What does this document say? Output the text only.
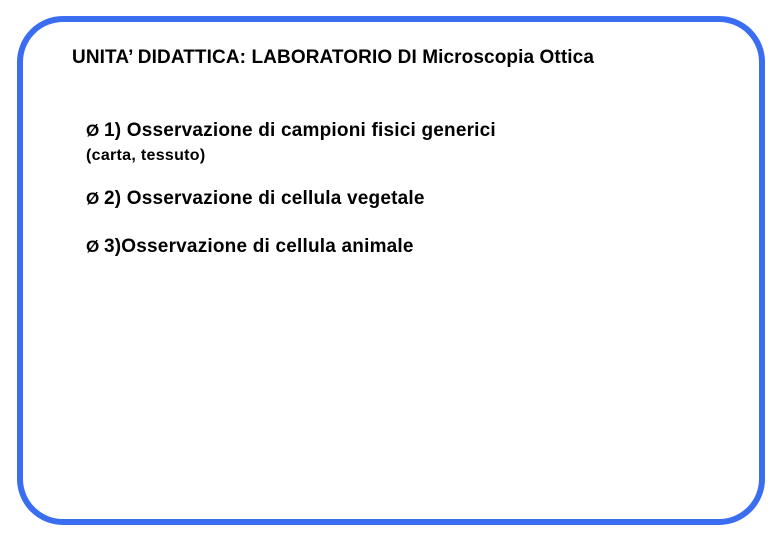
UNITA’ DIDATTICA: LABORATORIO DI Microscopia Ottica
Ø 1) Osservazione di campioni fisici generici
(carta, tessuto)
Ø 2) Osservazione di cellula vegetale
Ø 3)Osservazione di cellula animale
